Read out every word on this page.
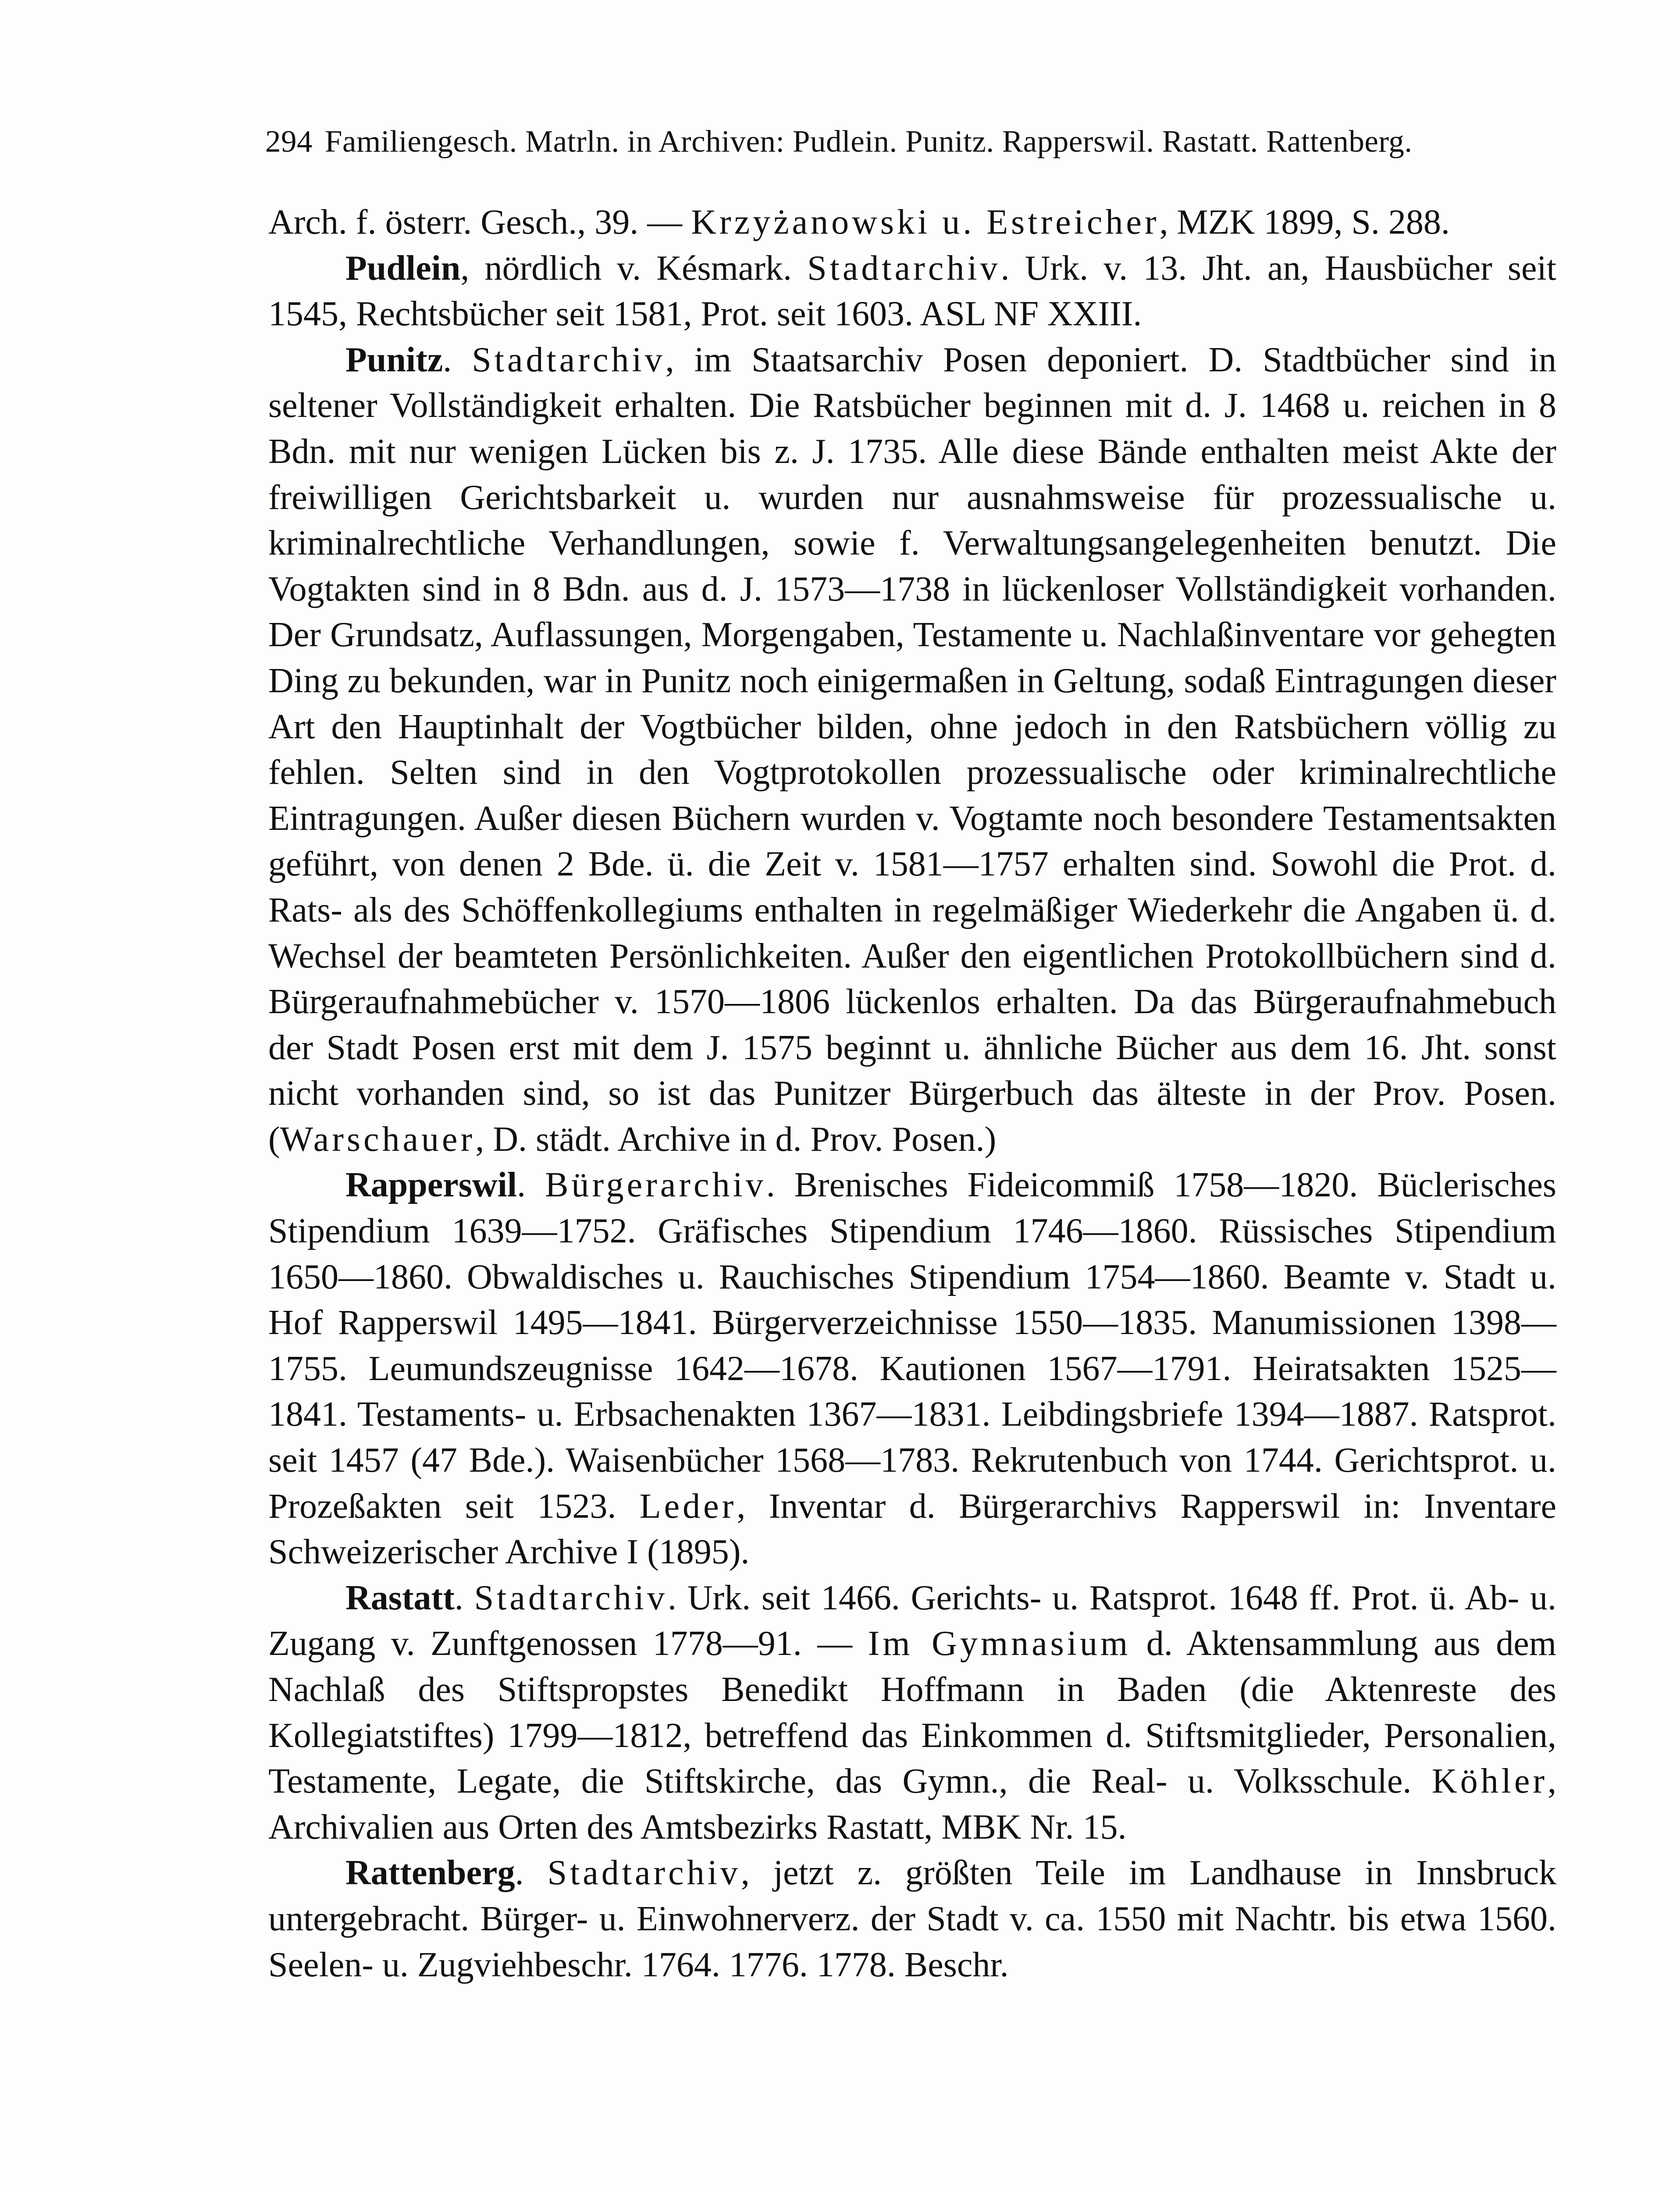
294 Familiengesch. Matrln. in Archiven: Pudlein. Punitz. Rapperswil. Rastatt. Rattenberg.

Arch. f. österr. Gesch., 39. — Krzyżanowski u. Estreicher, MZK 1899, S. 288.

Pudlein, nördlich v. Késmark. Stadtarchiv. Urk. v. 13. Jht. an, Hausbücher seit 1545, Rechtsbücher seit 1581, Prot. seit 1603. ASL NF XXIII.

Punitz. Stadtarchiv, im Staatsarchiv Posen deponiert. D. Stadtbücher sind in seltener Vollständigkeit erhalten. Die Ratsbücher beginnen mit d. J. 1468 u. reichen in 8 Bdn. mit nur wenigen Lücken bis z. J. 1735. Alle diese Bände enthalten meist Akte der freiwilligen Gerichtsbarkeit u. wurden nur ausnahmsweise für prozessualische u. kriminalrechtliche Verhandlungen, sowie f. Verwaltungsangelegenheiten benutzt. Die Vogtakten sind in 8 Bdn. aus d. J. 1573—1738 in lückenloser Vollständigkeit vorhanden. Der Grundsatz, Auflassungen, Morgengaben, Testamente u. Nachlaßinventare vor gehegten Ding zu bekunden, war in Punitz noch einigermaßen in Geltung, sodaß Eintragungen dieser Art den Hauptinhalt der Vogtbücher bilden, ohne jedoch in den Ratsbüchern völlig zu fehlen. Selten sind in den Vogtprotokollen prozessualische oder kriminalrechtliche Eintragungen. Außer diesen Büchern wurden v. Vogtamte noch besondere Testamentsakten geführt, von denen 2 Bde. ü. die Zeit v. 1581—1757 erhalten sind. Sowohl die Prot. d. Rats- als des Schöffenkollegiums enthalten in regelmäßiger Wiederkehr die Angaben ü. d. Wechsel der beamteten Persönlichkeiten. Außer den eigentlichen Protokollbüchern sind d. Bürgeraufnahmebücher v. 1570—1806 lückenlos erhalten. Da das Bürgeraufnahmebuch der Stadt Posen erst mit dem J. 1575 beginnt u. ähnliche Bücher aus dem 16. Jht. sonst nicht vorhanden sind, so ist das Punitzer Bürgerbuch das älteste in der Prov. Posen. (Warschauer, D. städt. Archive in d. Prov. Posen.)

Rapperswil. Bürgerarchiv. Brenisches Fideicommiß 1758—1820. Büclerisches Stipendium 1639—1752. Gräfisches Stipendium 1746—1860. Rüssisches Stipendium 1650—1860. Obwaldisches u. Rauchisches Stipendium 1754—1860. Beamte v. Stadt u. Hof Rapperswil 1495—1841. Bürgerverzeichnisse 1550—1835. Manumissionen 1398—1755. Leumundszeugnisse 1642—1678. Kautionen 1567—1791. Heiratsakten 1525—1841. Testaments- u. Erbsachenakten 1367—1831. Leibdingsbriefe 1394—1887. Ratsprot. seit 1457 (47 Bde.). Waisenbücher 1568—1783. Rekrutenbuch von 1744. Gerichtsprot. u. Prozeßakten seit 1523. Leder, Inventar d. Bürgerarchivs Rapperswil in: Inventare Schweizerischer Archive I (1895).

Rastatt. Stadtarchiv. Urk. seit 1466. Gerichts- u. Ratsprot. 1648 ff. Prot. ü. Ab- u. Zugang v. Zunftgenossen 1778—91. — Im Gymnasium d. Aktensammlung aus dem Nachlaß des Stiftspropstes Benedikt Hoffmann in Baden (die Aktenreste des Kollegiatstiftes) 1799—1812, betreffend das Einkommen d. Stiftsmitglieder, Personalien, Testamente, Legate, die Stiftskirche, das Gymn., die Real- u. Volksschule. Köhler, Archivalien aus Orten des Amtsbezirks Rastatt, MBK Nr. 15.

Rattenberg. Stadtarchiv, jetzt z. größten Teile im Landhause in Innsbruck untergebracht. Bürger- u. Einwohnerverz. der Stadt v. ca. 1550 mit Nachtr. bis etwa 1560. Seelen- u. Zugviehbeschr. 1764. 1776. 1778. Beschr.
